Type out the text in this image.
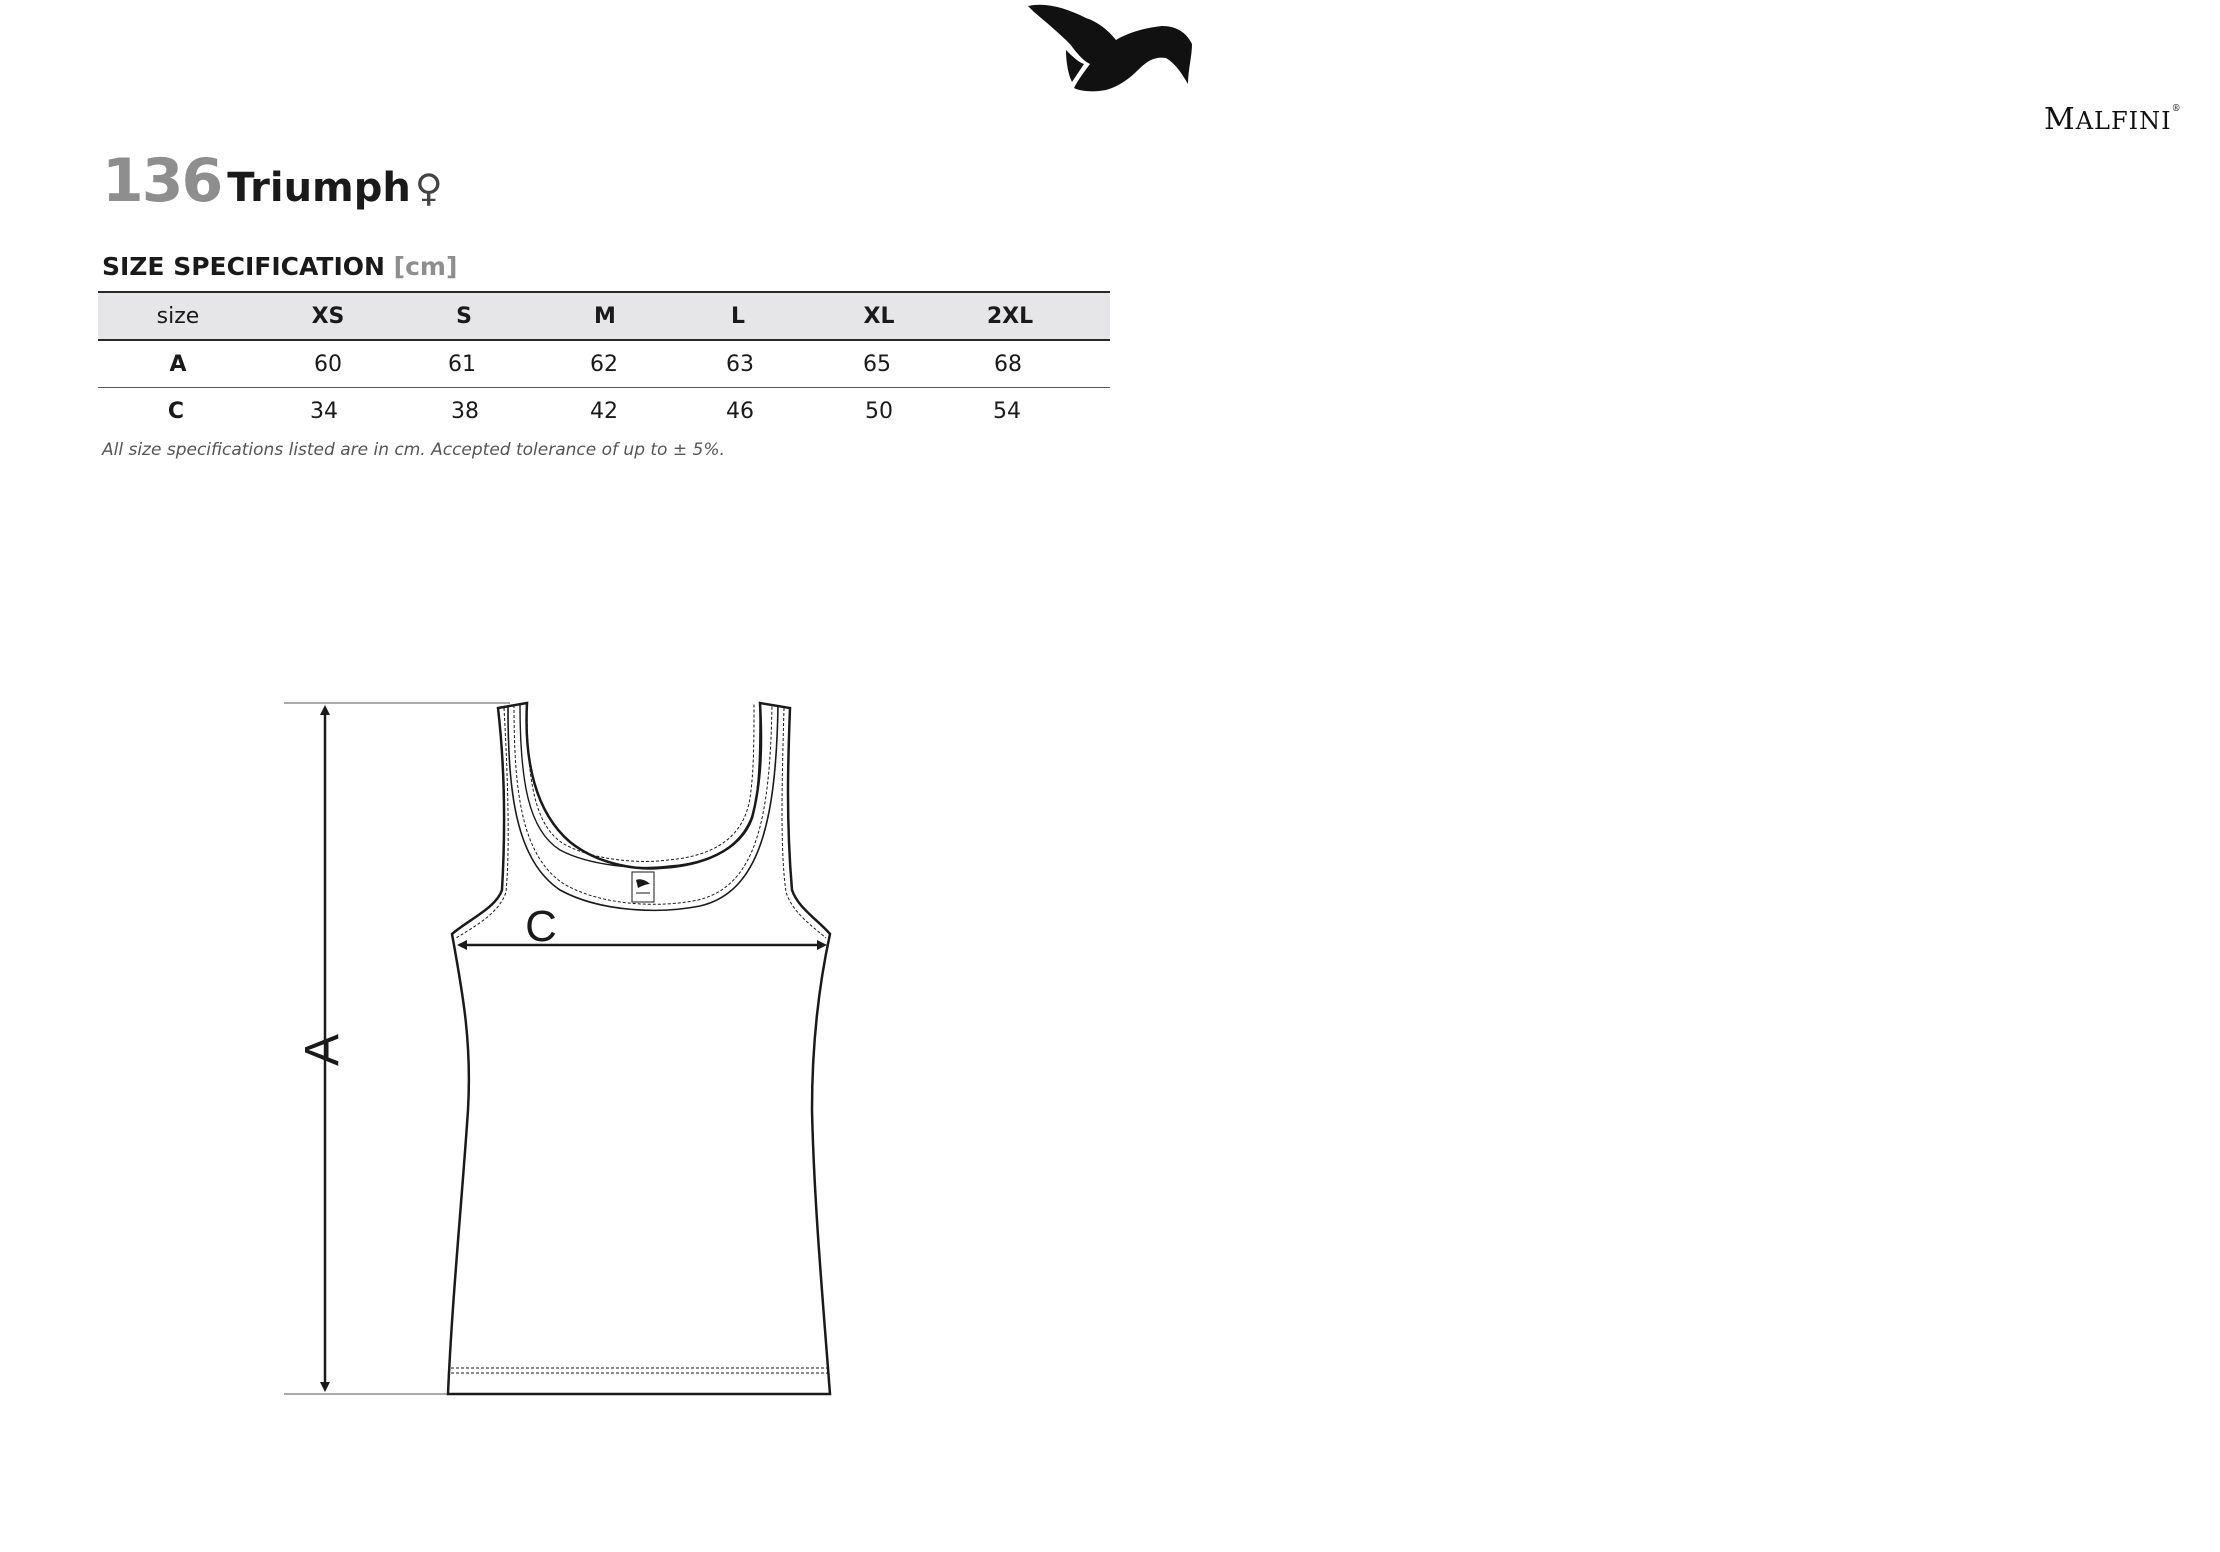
MALFINI®
136 Triumph ♀
SIZE SPECIFICATION [cm]
size	XS	S	M	L	XL	2XL
A	60	61	62	63	65	68
C	34	38	42	46	50	54
All size specifications listed are in cm. Accepted tolerance of up to ± 5%.
A
C
